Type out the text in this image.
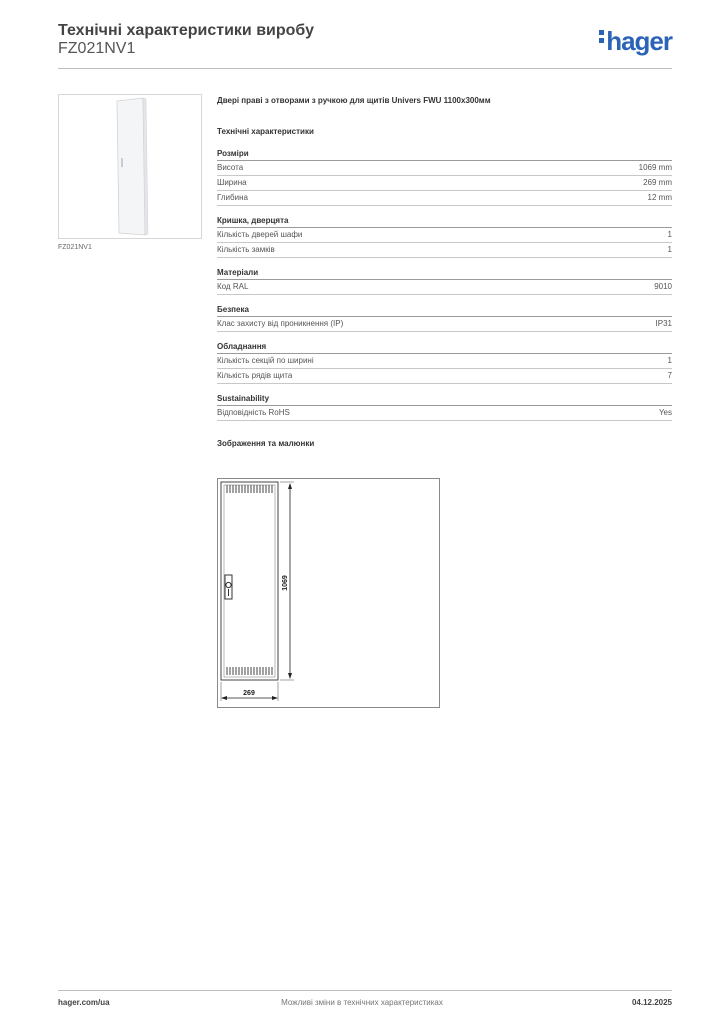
Технічні характеристики виробу
FZ021NV1	hager
FZ021NV1
Двері праві з отворами з ручкою для щитів Univers FWU 1100x300мм
Технічні характеристики
Розміри
Висота	1069 mm
Ширина	269 mm
Глибина	12 mm
Кришка, дверцята
Кількість дверей шафи	1
Кількість замків	1
Матеріали
Код RAL	9010
Безпека
Клас захисту від проникнення (IP)	IP31
Обладнання
Кількість секцій по ширині	1
Кількість рядів щита	7
Sustainability
Відповідність RoHS	Yes
Зображення та малюнки
1069
269
hager.com/ua	Можливі зміни в технічних характеристиках	04.12.2025
